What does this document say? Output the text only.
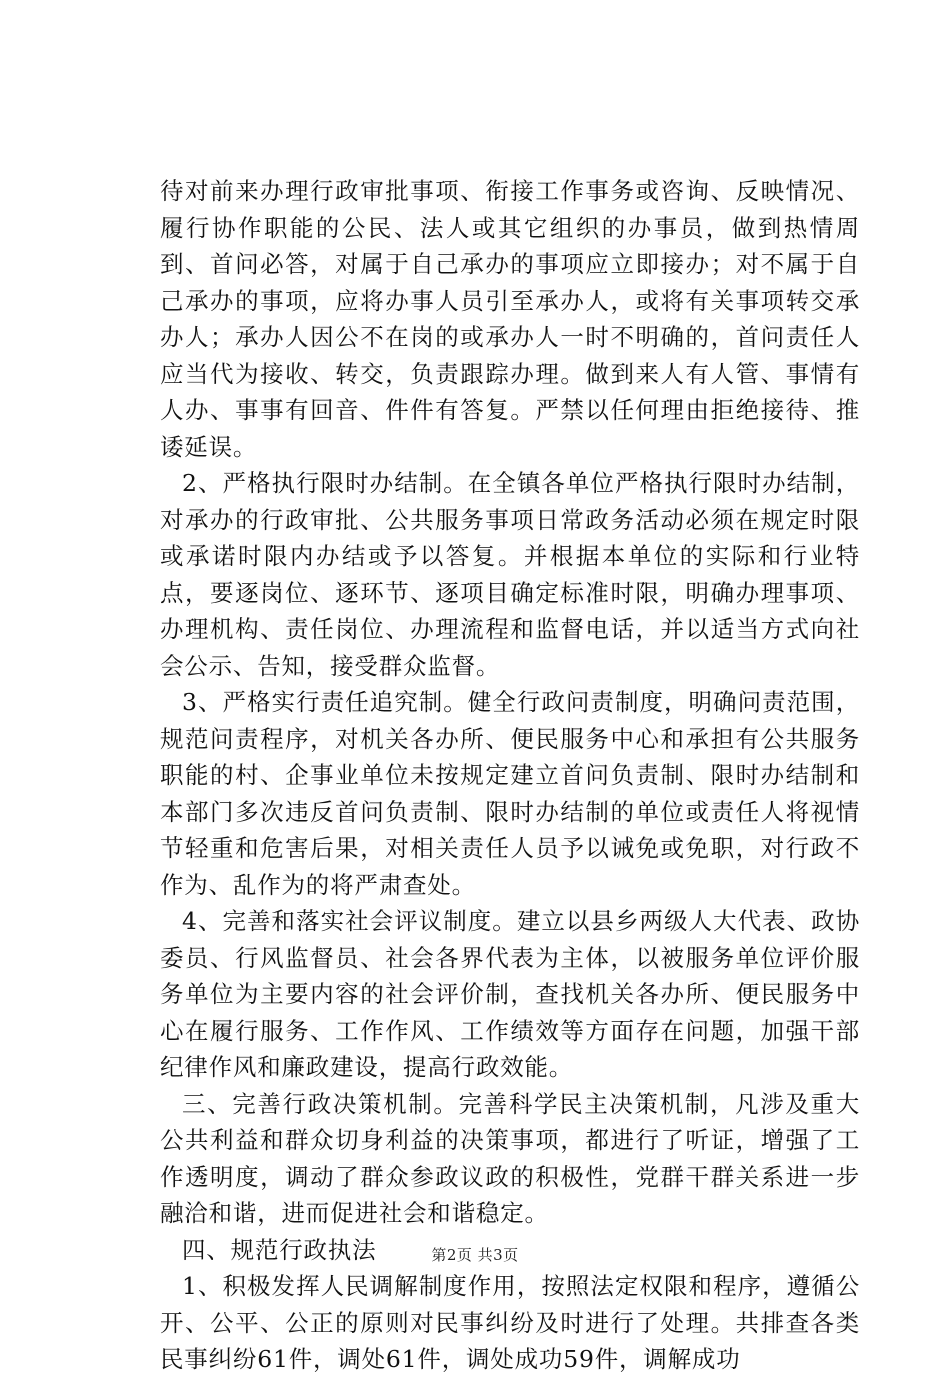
待对前来办理行政审批事项、衔接工作事务或咨询、反映情况、履行协作职能的公民、法人或其它组织的办事员，做到热情周到、首问必答，对属于自己承办的事项应立即接办；对不属于自己承办的事项，应将办事人员引至承办人，或将有关事项转交承办人；承办人因公不在岗的或承办人一时不明确的，首问责任人应当代为接收、转交，负责跟踪办理。做到来人有人管、事情有人办、事事有回音、件件有答复。严禁以任何理由拒绝接待、推诿延误。

2、严格执行限时办结制。在全镇各单位严格执行限时办结制，对承办的行政审批、公共服务事项日常政务活动必须在规定时限或承诺时限内办结或予以答复。并根据本单位的实际和行业特点，要逐岗位、逐环节、逐项目确定标准时限，明确办理事项、办理机构、责任岗位、办理流程和监督电话，并以适当方式向社会公示、告知，接受群众监督。

3、严格实行责任追究制。健全行政问责制度，明确问责范围，规范问责程序，对机关各办所、便民服务中心和承担有公共服务职能的村、企事业单位未按规定建立首问负责制、限时办结制和本部门多次违反首问负责制、限时办结制的单位或责任人将视情节轻重和危害后果，对相关责任人员予以诫免或免职，对行政不作为、乱作为的将严肃查处。

4、完善和落实社会评议制度。建立以县乡两级人大代表、政协委员、行风监督员、社会各界代表为主体，以被服务单位评价服务单位为主要内容的社会评价制，查找机关各办所、便民服务中心在履行服务、工作作风、工作绩效等方面存在问题，加强干部纪律作风和廉政建设，提高行政效能。

三、完善行政决策机制。完善科学民主决策机制，凡涉及重大公共利益和群众切身利益的决策事项，都进行了听证，增强了工作透明度，调动了群众参政议政的积极性，党群干群关系进一步融洽和谐，进而促进社会和谐稳定。

四、规范行政执法

1、积极发挥人民调解制度作用，按照法定权限和程序，遵循公开、公平、公正的原则对民事纠纷及时进行了处理。共排查各类民事纠纷61件，调处61件，调处成功59件，调解成功

第2页 共3页
